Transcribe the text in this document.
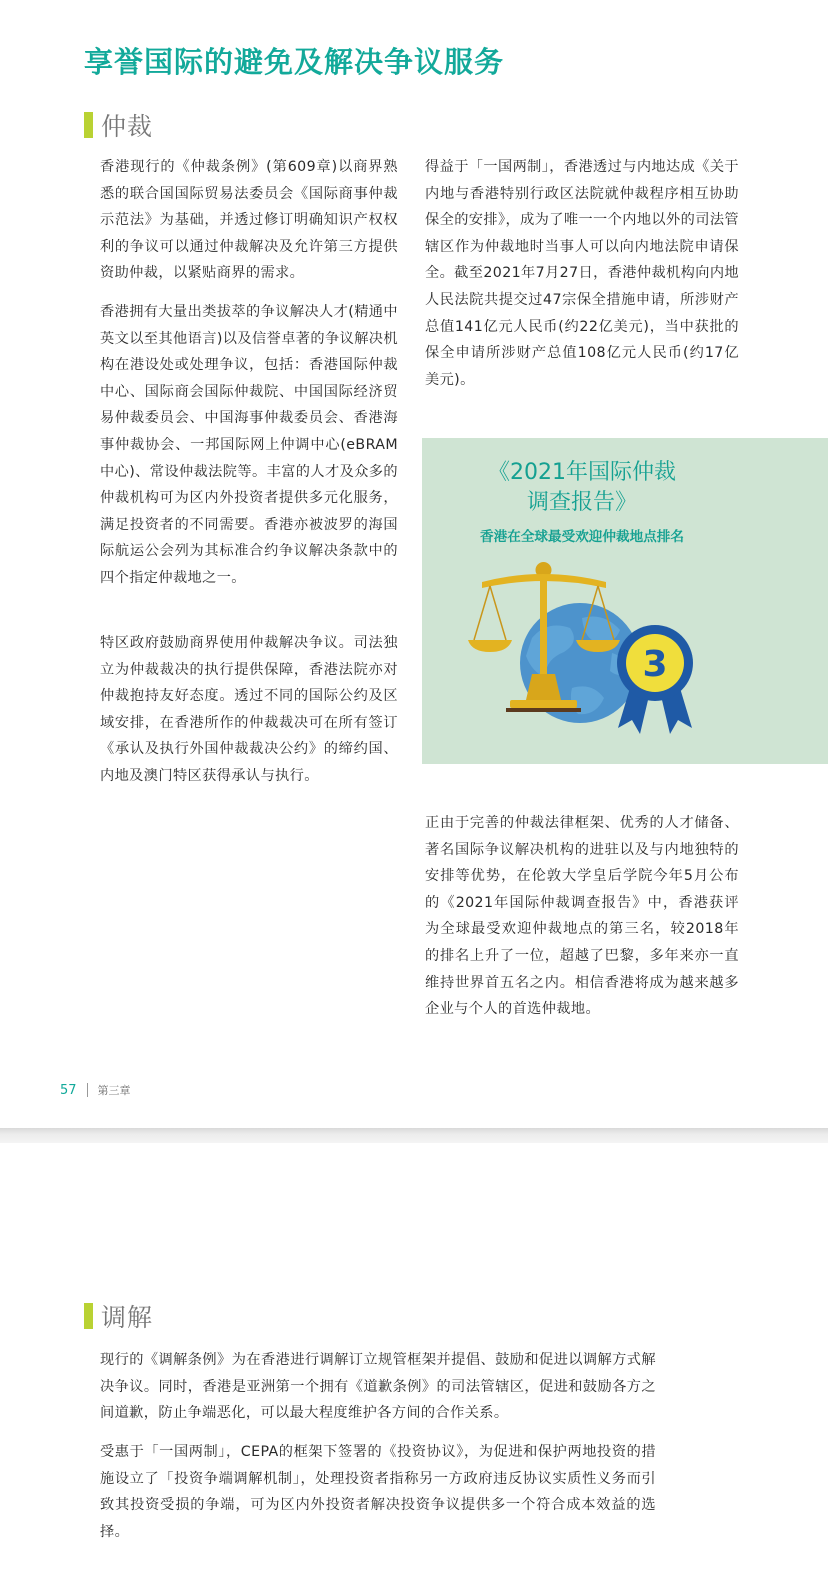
享誉国际的避免及解决争议服务
仲裁

香港现行的《仲裁条例》(第609章)以商界熟悉的联合国国际贸易法委员会《国际商事仲裁示范法》为基础，并透过修订明确知识产权权利的争议可以通过仲裁解决及允许第三方提供资助仲裁，以紧贴商界的需求。

香港拥有大量出类拔萃的争议解决人才(精通中英文以至其他语言)以及信誉卓著的争议解决机构在港设处或处理争议，包括：香港国际仲裁中心、国际商会国际仲裁院、中国国际经济贸易仲裁委员会、中国海事仲裁委员会、香港海事仲裁协会、一邦国际网上仲调中心(eBRAM中心)、常设仲裁法院等。丰富的人才及众多的仲裁机构可为区内外投资者提供多元化服务，满足投资者的不同需要。香港亦被波罗的海国际航运公会列为其标准合约争议解决条款中的四个指定仲裁地之一。

特区政府鼓励商界使用仲裁解决争议。司法独立为仲裁裁决的执行提供保障，香港法院亦对仲裁抱持友好态度。透过不同的国际公约及区域安排，在香港所作的仲裁裁决可在所有签订《承认及执行外国仲裁裁决公约》的缔约国、内地及澳门特区获得承认与执行。

得益于「一国两制」，香港透过与内地达成《关于内地与香港特别行政区法院就仲裁程序相互协助保全的安排》，成为了唯一一个内地以外的司法管辖区作为仲裁地时当事人可以向内地法院申请保全。截至2021年7月27日，香港仲裁机构向内地人民法院共提交过47宗保全措施申请，所涉财产总值141亿元人民币(约22亿美元)，当中获批的保全申请所涉财产总值108亿元人民币(约17亿美元)。

《2021年国际仲裁
调查报告》

香港在全球最受欢迎仲裁地点排名

3

正由于完善的仲裁法律框架、优秀的人才储备、著名国际争议解决机构的进驻以及与内地独特的安排等优势，在伦敦大学皇后学院今年5月公布的《2021年国际仲裁调查报告》中，香港获评为全球最受欢迎仲裁地点的第三名，较2018年的排名上升了一位，超越了巴黎，多年来亦一直维持世界首五名之内。相信香港将成为越来越多企业与个人的首选仲裁地。

57 第三章
调解

现行的《调解条例》为在香港进行调解订立规管框架并提倡、鼓励和促进以调解方式解决争议。同时，香港是亚洲第一个拥有《道歉条例》的司法管辖区，促进和鼓励各方之间道歉，防止争端恶化，可以最大程度维护各方间的合作关系。

受惠于「一国两制」，CEPA的框架下签署的《投资协议》，为促进和保护两地投资的措施设立了「投资争端调解机制」，处理投资者指称另一方政府违反协议实质性义务而引致其投资受损的争端，可为区内外投资者解决投资争议提供多一个符合成本效益的选择。
